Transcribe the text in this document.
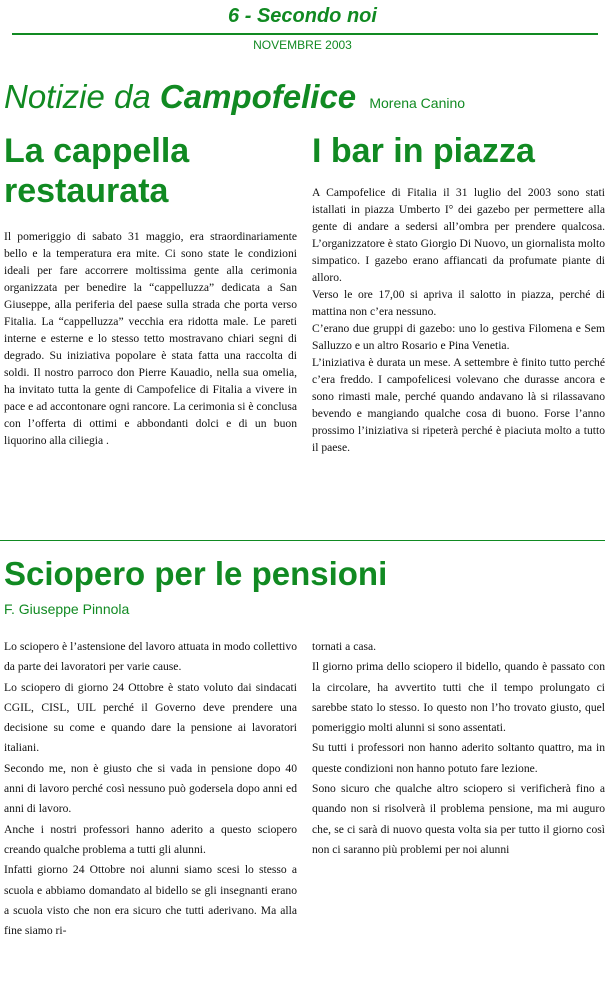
6 - Secondo noi
NOVEMBRE 2003
Notizie da Campofelice Morena Canino
La cappella restaurata

Il pomeriggio di sabato 31 maggio, era straordinariamente bello e la temperatura era mite. Ci sono state le condizioni ideali per fare accorrere moltissima gente alla cerimonia organizzata per benedire la “cappelluzza” dedicata a San Giuseppe, alla periferia del paese sulla strada che porta verso Fitalia. La “cappelluzza” vecchia era ridotta male. Le pareti interne e esterne e lo stesso tetto mostravano chiari segni di degrado. Su iniziativa popolare è stata fatta una raccolta di soldi. Il nostro parroco don Pierre Kauadio, nella sua omelia, ha invitato tutta la gente di Campofelice di Fitalia a vivere in pace e ad accontonare ogni rancore. La cerimonia si è conclusa con l’offerta di ottimi e abbondanti dolci e di un buon liquorino alla ciliegia .

I bar in piazza

A Campofelice di Fitalia il 31 luglio del 2003 sono stati istallati in piazza Umberto I° dei gazebo per permettere alla gente di andare a sedersi all’ombra per prendere qualcosa. L’organizzatore è stato Giorgio Di Nuovo, un giornalista molto simpatico. I gazebo erano affiancati da profumate piante di alloro.

Verso le ore 17,00 si apriva il salotto in piazza, perché di mattina non c’era nessuno.

C’erano due gruppi di gazebo: uno lo gestiva Filomena e Sem Salluzzo e un altro Rosario e Pina Venetia.

L’iniziativa è durata un mese. A settembre è finito tutto perché c’era freddo. I campofelicesi volevano che durasse ancora e sono rimasti male, perché quando andavano là si rilassavano bevendo e mangiando qualche cosa di buono. Forse l’anno prossimo l’iniziativa si ripeterà perché è piaciuta molto a tutto il paese.

Sciopero per le pensioni
F. Giuseppe Pinnola

Lo sciopero è l’astensione del lavoro attuata in modo collettivo da parte dei lavoratori per varie cause.

Lo sciopero di giorno 24 Ottobre è stato voluto dai sindacati CGIL, CISL, UIL perché il Governo deve prendere una decisione su come e quando dare la pensione ai lavoratori italiani.

Secondo me, non è giusto che si vada in pensione dopo 40 anni di lavoro perché così nessuno può godersela dopo anni ed anni di lavoro.

Anche i nostri professori hanno aderito a questo sciopero creando qualche problema a tutti gli alunni.

Infatti giorno 24 Ottobre noi alunni siamo scesi lo stesso a scuola e abbiamo domandato al bidello se gli insegnanti erano a scuola visto che non era sicuro che tutti aderivano. Ma alla fine siamo ri-

tornati a casa.

Il giorno prima dello sciopero il bidello, quando è passato con la circolare, ha avvertito tutti che il tempo prolungato ci sarebbe stato lo stesso. Io questo non l’ho trovato giusto, quel pomeriggio molti alunni si sono assentati.

Su tutti i professori non hanno aderito soltanto quattro, ma in queste condizioni non hanno potuto fare lezione.

Sono sicuro che qualche altro sciopero si verificherà fino a quando non si risolverà il problema pensione, ma mi auguro che, se ci sarà di nuovo questa volta sia per tutto il giorno così non ci saranno più problemi per noi alunni
